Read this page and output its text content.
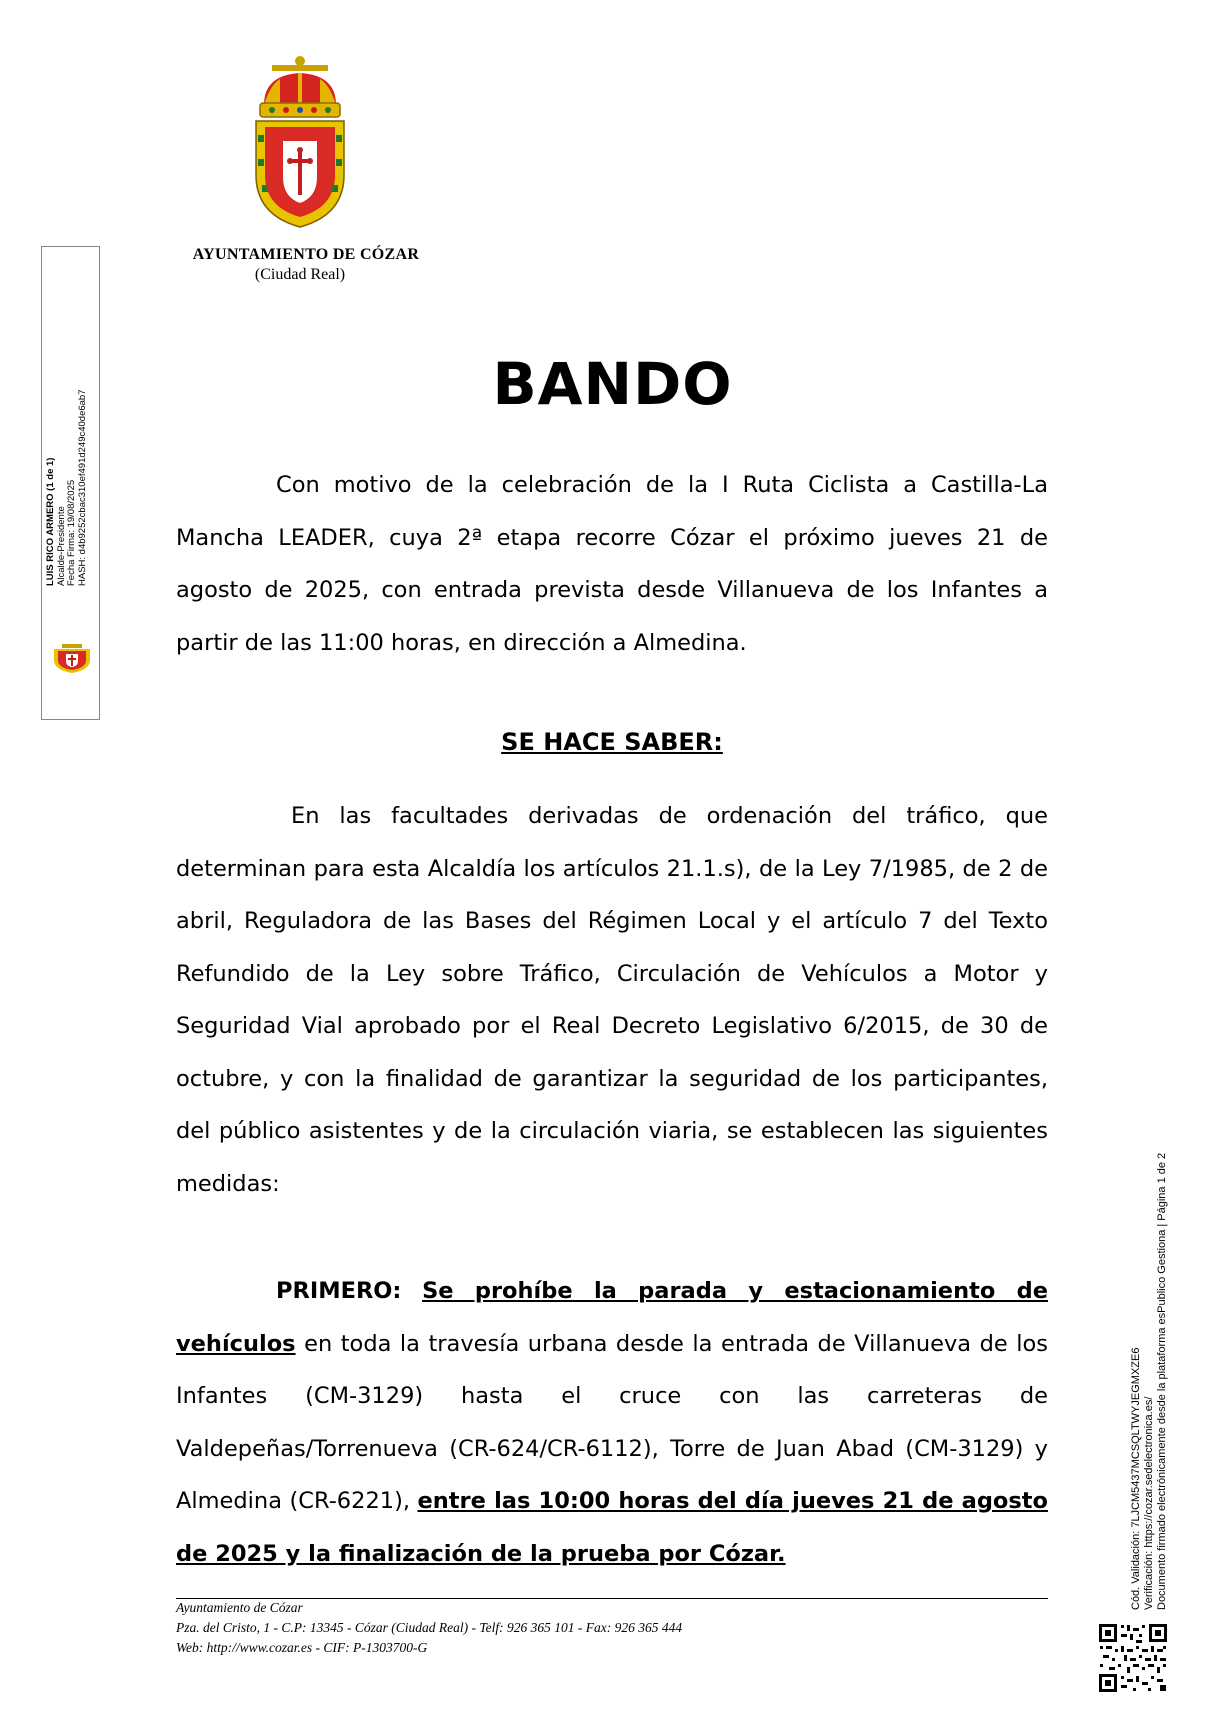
AYUNTAMIENTO DE CÓZAR
(Ciudad Real)
LUIS RICO ARMERO (1 de 1) Alcalde-Presidente Fecha Firma: 19/08/2025 HASH: d4b9252cbac310ef491d249c40de6ab7
BANDO
Con motivo de la celebración de la I Ruta Ciclista a Castilla-La Mancha LEADER, cuya 2ª etapa recorre Cózar el próximo jueves 21 de agosto de 2025, con entrada prevista desde Villanueva de los Infantes a partir de las 11:00 horas, en dirección a Almedina.
SE HACE SABER:
En las facultades derivadas de ordenación del tráfico, que determinan para esta Alcaldía los artículos 21.1.s), de la Ley 7/1985, de 2 de abril, Reguladora de las Bases del Régimen Local y el artículo 7 del Texto Refundido de la Ley sobre Tráfico, Circulación de Vehículos a Motor y Seguridad Vial aprobado por el Real Decreto Legislativo 6/2015, de 30 de octubre, y con la finalidad de garantizar la seguridad de los participantes, del público asistentes y de la circulación viaria, se establecen las siguientes medidas:
PRIMERO: Se prohíbe la parada y estacionamiento de vehículos en toda la travesía urbana desde la entrada de Villanueva de los Infantes (CM-3129) hasta el cruce con las carreteras de Valdepeñas/Torrenueva (CR-624/CR-6112), Torre de Juan Abad (CM-3129) y Almedina (CR-6221), entre las 10:00 horas del día jueves 21 de agosto de 2025 y la finalización de la prueba por Cózar.
Ayuntamiento de Cózar
Pza. del Cristo, 1 - C.P: 13345 - Cózar (Ciudad Real) - Telf: 926 365 101 - Fax: 926 365 444
Web: http://www.cozar.es - CIF: P-1303700-G
Cód. Validación: 7LJCM5437MCSQLTWYJEGMXZE6 Verificación: https://cozar.sedelectronica.es/ Documento firmado electrónicamente desde la plataforma esPublico Gestiona | Página 1 de 2
